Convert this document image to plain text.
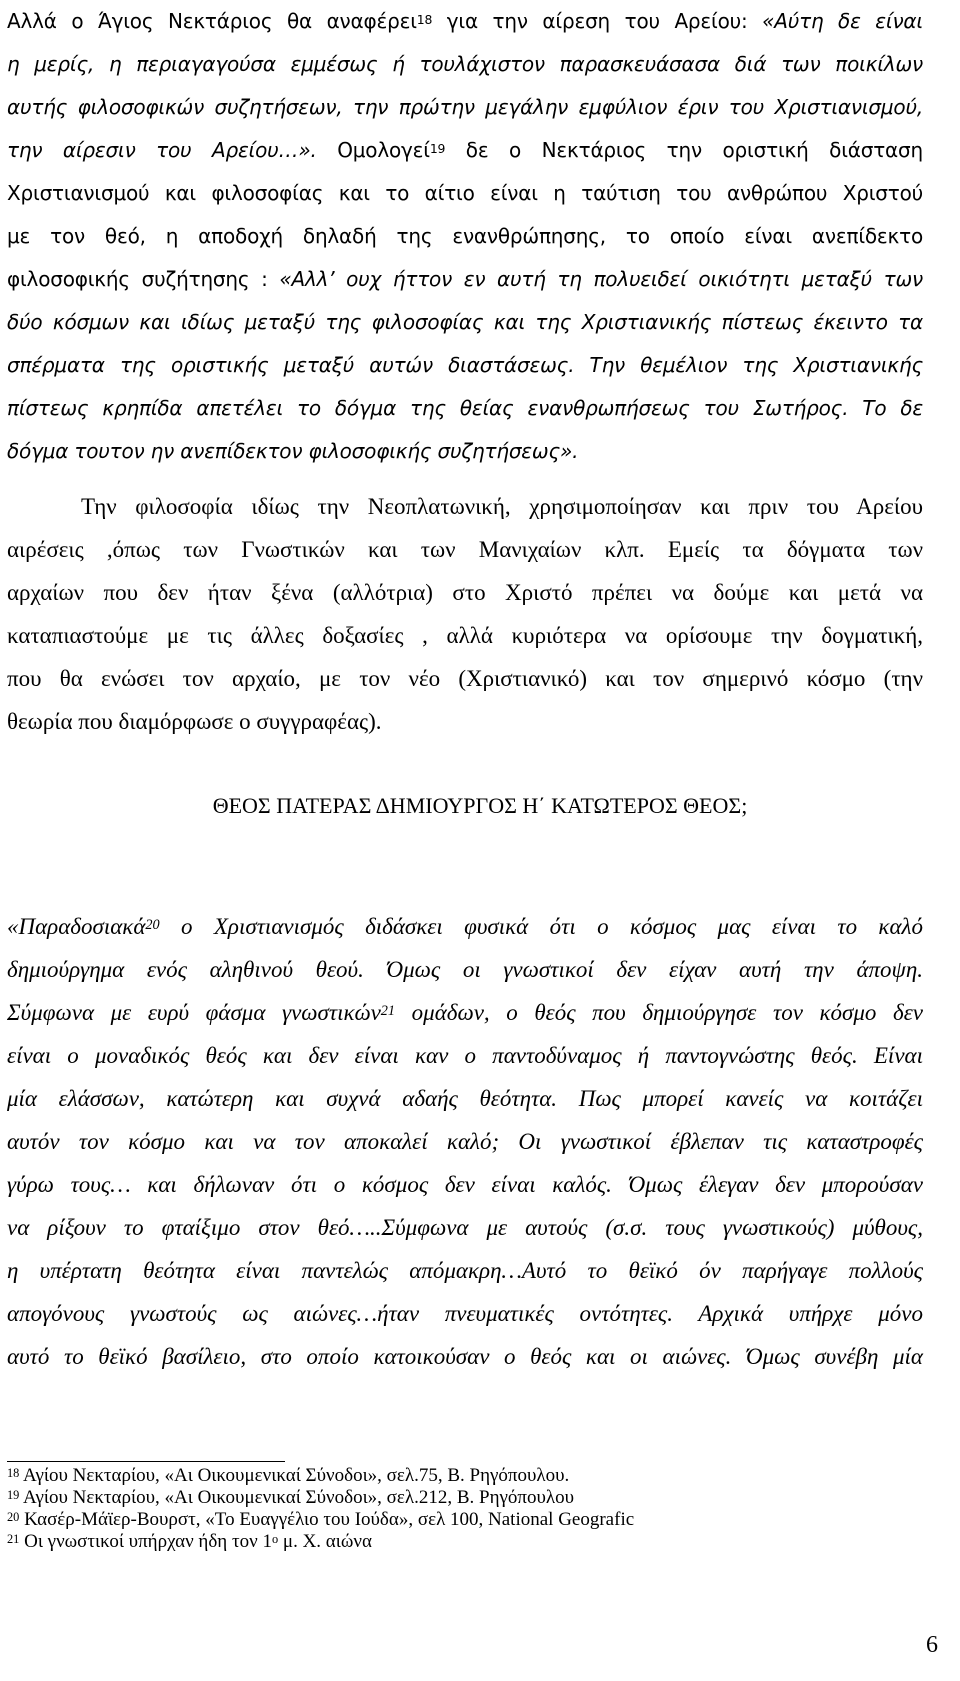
Αλλά ο Άγιος Νεκτάριος θα αναφέρει$^{18}$ για την αίρεση του Αρείου: «Αύτη δε είναι
η μερίς, η περιαγαγούσα εμμέσως ή τουλάχιστον παρασκευάσασα διά των ποικίλων
αυτής φιλοσοφικών συζητήσεων, την πρώτην μεγάλην εμφύλιον έριν του Χριστιανισμού,
την αίρεσιν του Αρείου…». Ομολογεί$^{19}$ δε ο Νεκτάριος την οριστική διάσταση
Χριστιανισμού και φιλοσοφίας και το αίτιο είναι η ταύτιση του ανθρώπου Χριστού
με τον θεό, η αποδοχή δηλαδή της ενανθρώπησης, το οποίο είναι ανεπίδεκτο
φιλοσοφικής συζήτησης : «Αλλ’ ουχ ήττον εν αυτή τη πολυειδεί οικιότητι μεταξύ των
δύο κόσμων και ιδίως μεταξύ της φιλοσοφίας και της Χριστιανικής πίστεως έκειντο τα
σπέρματα της οριστικής μεταξύ αυτών διαστάσεως. Την θεμέλιον της Χριστιανικής
πίστεως κρηπίδα απετέλει το δόγμα της θείας ενανθρωπήσεως του Σωτήρος. Το δε
δόγμα τουτον ην ανεπίδεκτον φιλοσοφικής συζητήσεως».
Την φιλοσοφία ιδίως την Νεοπλατωνική, χρησιμοποίησαν και πριν του Αρείου
αιρέσεις ,όπως των Γνωστικών και των Μανιχαίων κλπ. Εμείς τα δόγματα των
αρχαίων που δεν ήταν ξένα (αλλότρια) στο Χριστό πρέπει να δούμε και μετά να
καταπιαστούμε με τις άλλες δοξασίες , αλλά κυριότερα να ορίσουμε την δογματική,
που θα ενώσει τον αρχαίο, με τον νέο (Χριστιανικό) και τον σημερινό κόσμο (την
θεωρία που διαμόρφωσε ο συγγραφέας).
ΘΕΟΣ ΠΑΤΕΡΑΣ ΔΗΜΙΟΥΡΓΟΣ Η΄ ΚΑΤΩΤΕΡΟΣ ΘΕΟΣ;
«Παραδοσιακά$^{20}$ ο Χριστιανισμός διδάσκει φυσικά ότι ο κόσμος μας είναι το καλό
δημιούργημα ενός αληθινού θεού. Όμως οι γνωστικοί δεν είχαν αυτή την άποψη.
Σύμφωνα με ευρύ φάσμα γνωστικών$^{21}$ ομάδων, ο θεός που δημιούργησε τον κόσμο δεν
είναι ο μοναδικός θεός και δεν είναι καν ο παντοδύναμος ή παντογνώστης θεός. Είναι
μία ελάσσων, κατώτερη και συχνά αδαής θεότητα. Πως μπορεί κανείς να κοιτάζει
αυτόν τον κόσμο και να τον αποκαλεί καλό; Οι γνωστικοί έβλεπαν τις καταστροφές
γύρω τους… και δήλωναν ότι ο κόσμος δεν είναι καλός. Όμως έλεγαν δεν μπορούσαν
να ρίξουν το φταίξιμο στον θεό…..Σύμφωνα με αυτούς (σ.σ. τους γνωστικούς) μύθους,
η υπέρτατη θεότητα είναι παντελώς απόμακρη…Αυτό το θεϊκό όν παρήγαγε πολλούς
απογόνους γνωστούς ως αιώνες…ήταν πνευματικές οντότητες. Αρχικά υπήρχε μόνο
αυτό το θεϊκό βασίλειο, στο οποίο κατοικούσαν ο θεός και οι αιώνες. Όμως συνέβη μία
$^{18}$ Αγίου Νεκταρίου, «Αι Οικουμενικαί Σύνοδοι», σελ.75, Β. Ρηγόπουλου.
$^{19}$ Αγίου Νεκταρίου, «Αι Οικουμενικαί Σύνοδοι», σελ.212, Β. Ρηγόπουλου
$^{20}$ Κασέρ-Μάϊερ-Βουρστ, «Το Ευαγγέλιο του Ιούδα», σελ 100, National Geografic
$^{21}$ Οι γνωστικοί υπήρχαν ήδη τον $1^o$ μ. Χ. αιώνα
6
